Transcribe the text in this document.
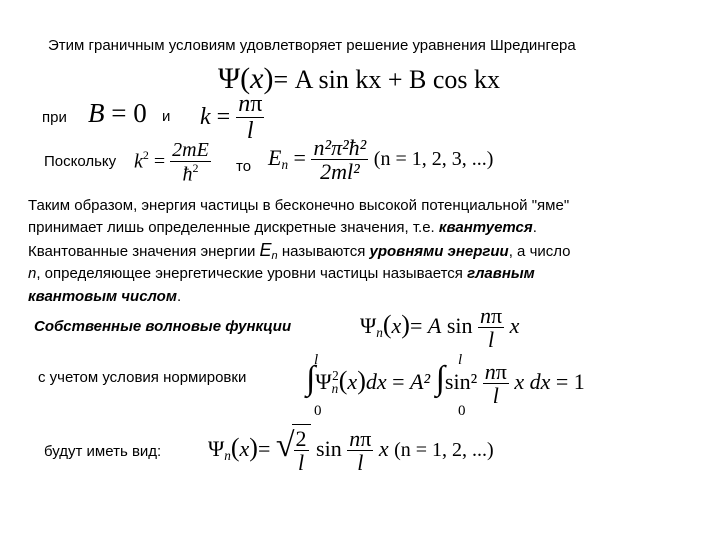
Этим граничным условиям удовлетворяет решение уравнения Шредингера
Ψ(x)= A sin kx + B cos kx
при B = 0 и $k = \frac{n\pi}{l}$
Поскольку $k^2 = \frac{2mE}{ħ^2}$ то $E_n = \frac{\text{n²π²ħ²}}{\text{2ml²}} (n = 1$, 2, 3, ...)
Таким образом, энергия частицы в бесконечно высокой потенциальной "яме"
принимает лишь определенные дискретные значения, т.е. квантуется.
Квантованные значения энергии $E_n$ называются уровнями энергии, а число
n, определяющее энергетические уровни частицы называется главным
квантовым числом.
Собственные волновые функции	$\Psi_n(x)= A$ $\sin \frac{n\pi}{l}$ x
с учетом условия нормировки
l
0
l
0
$\int\Psi_n^2(x)dx = A^2$ $\int\sin^2 \frac{n\pi}{l}$ x dx = 1
будут иметь вид: $\Psi_n(x)=$ √ $\frac{2}{l}$ $\sin \frac{n\pi}{l}$ x (n = 1, 2, ...)
